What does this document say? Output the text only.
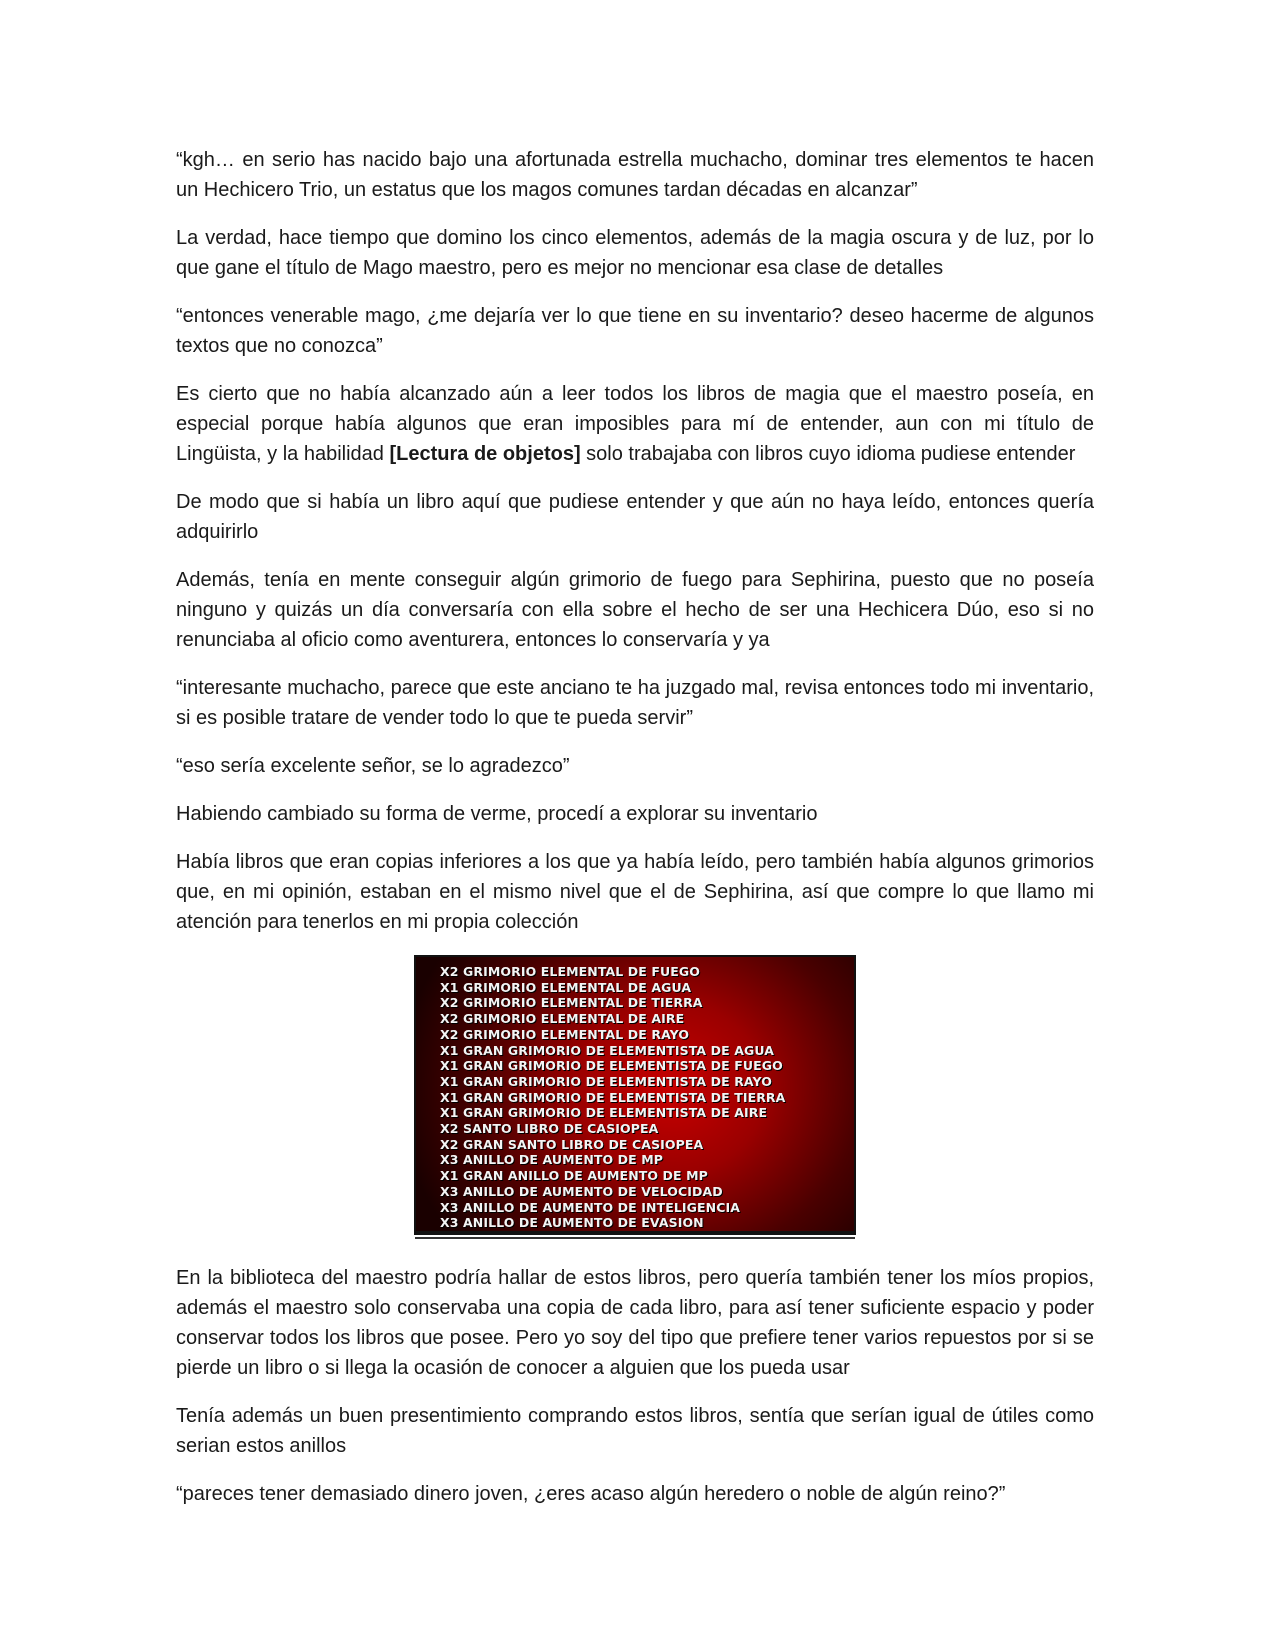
“kgh… en serio has nacido bajo una afortunada estrella muchacho, dominar tres elementos te hacen un Hechicero Trio, un estatus que los magos comunes tardan décadas en alcanzar”

La verdad, hace tiempo que domino los cinco elementos, además de la magia oscura y de luz, por lo que gane el título de Mago maestro, pero es mejor no mencionar esa clase de detalles

“entonces venerable mago, ¿me dejaría ver lo que tiene en su inventario? deseo hacerme de algunos textos que no conozca”

Es cierto que no había alcanzado aún a leer todos los libros de magia que el maestro poseía, en especial porque había algunos que eran imposibles para mí de entender, aun con mi título de Lingüista, y la habilidad [Lectura de objetos] solo trabajaba con libros cuyo idioma pudiese entender

De modo que si había un libro aquí que pudiese entender y que aún no haya leído, entonces quería adquirirlo

Además, tenía en mente conseguir algún grimorio de fuego para Sephirina, puesto que no poseía ninguno y quizás un día conversaría con ella sobre el hecho de ser una Hechicera Dúo, eso si no renunciaba al oficio como aventurera, entonces lo conservaría y ya

“interesante muchacho, parece que este anciano te ha juzgado mal, revisa entonces todo mi inventario, si es posible tratare de vender todo lo que te pueda servir”

“eso sería excelente señor, se lo agradezco”

Habiendo cambiado su forma de verme, procedí a explorar su inventario

Había libros que eran copias inferiores a los que ya había leído, pero también había algunos grimorios que, en mi opinión, estaban en el mismo nivel que el de Sephirina, así que compre lo que llamo mi atención para tenerlos en mi propia colección

X2 GRIMORIO ELEMENTAL DE FUEGO
X1 GRIMORIO ELEMENTAL DE AGUA
X2 GRIMORIO ELEMENTAL DE TIERRA
X2 GRIMORIO ELEMENTAL DE AIRE
X2 GRIMORIO ELEMENTAL DE RAYO
X1 GRAN GRIMORIO DE ELEMENTISTA DE AGUA
X1 GRAN GRIMORIO DE ELEMENTISTA DE FUEGO
X1 GRAN GRIMORIO DE ELEMENTISTA DE RAYO
X1 GRAN GRIMORIO DE ELEMENTISTA DE TIERRA
X1 GRAN GRIMORIO DE ELEMENTISTA DE AIRE
X2 SANTO LIBRO DE CASIOPEA
X2 GRAN SANTO LIBRO DE CASIOPEA
X3 ANILLO DE AUMENTO DE MP
X1 GRAN ANILLO DE AUMENTO DE MP
X3 ANILLO DE AUMENTO DE VELOCIDAD
X3 ANILLO DE AUMENTO DE INTELIGENCIA
X3 ANILLO DE AUMENTO DE EVASION

En la biblioteca del maestro podría hallar de estos libros, pero quería también tener los míos propios, además el maestro solo conservaba una copia de cada libro, para así tener suficiente espacio y poder conservar todos los libros que posee. Pero yo soy del tipo que prefiere tener varios repuestos por si se pierde un libro o si llega la ocasión de conocer a alguien que los pueda usar

Tenía además un buen presentimiento comprando estos libros, sentía que serían igual de útiles como serian estos anillos

“pareces tener demasiado dinero joven, ¿eres acaso algún heredero o noble de algún reino?”
